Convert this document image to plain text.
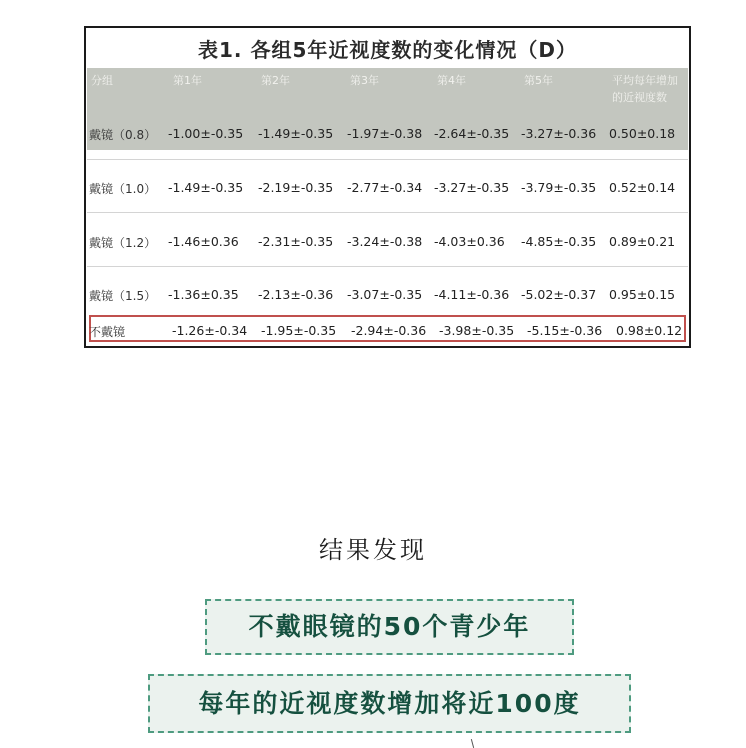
表1. 各组5年近视度数的变化情况（D）
分组	第1年	第2年	第3年	第4年	第5年	平均每年增加
的近视度数
戴镜（0.8） -1.00±-0.35 -1.49±-0.35 -1.97±-0.38 -2.64±-0.35 -3.27±-0.36 0.50±0.18
戴镜（1.0） -1.49±-0.35 -2.19±-0.35 -2.77±-0.34 -3.27±-0.35 -3.79±-0.35 0.52±0.14
戴镜（1.2） -1.46±0.36 -2.31±-0.35 -3.24±-0.38 -4.03±0.36 -4.85±-0.35 0.89±0.21
戴镜（1.5） -1.36±0.35 -2.13±-0.36 -3.07±-0.35 -4.11±-0.36 -5.02±-0.37 0.95±0.15
不戴镜	-1.26±-0.34 -1.95±-0.35 -2.94±-0.36 -3.98±-0.35 -5.15±-0.36 0.98±0.12
结果发现
不戴眼镜的50个青少年
每年的近视度数增加将近100度
